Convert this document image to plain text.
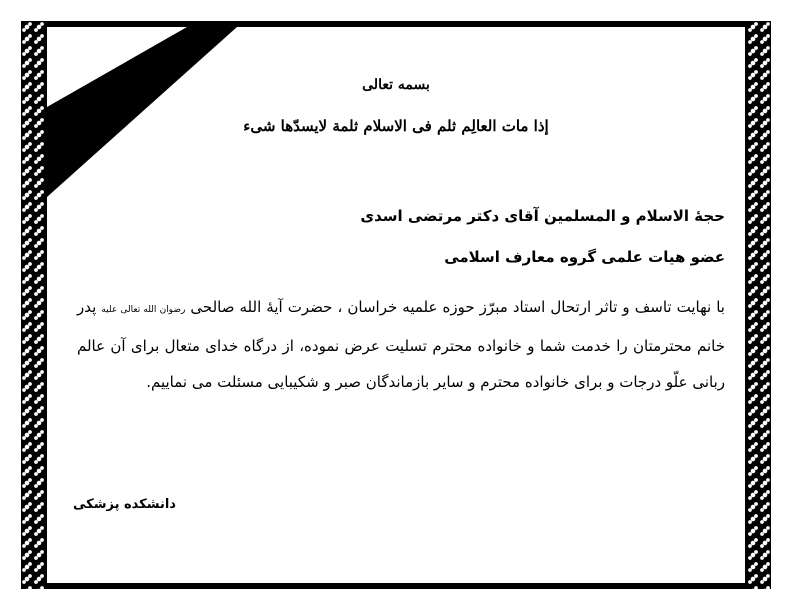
بسمه تعالی
إذا مات العالِم ثلم فی الاسلام ثلمة لایسدّها شیء
حجۀ الاسلام و المسلمین آقای دکتر مرتضی اسدی
عضو هیات علمی گروه معارف اسلامی
با نهایت تاسف و تاثر ارتحال استاد مبرّز حوزه علمیه خراسان ، حضرت آیۀ الله صالحی رضوان الله تعالی علیه پدر خانم محترمتان را خدمت شما و خانواده محترم تسلیت عرض نموده، از درگاه خدای متعال برای آن عالم ربانی علّو درجات و برای خانواده محترم و سایر بازماندگان صبر و شکیبایی مسئلت می نماییم.
دانشکده پزشکی
